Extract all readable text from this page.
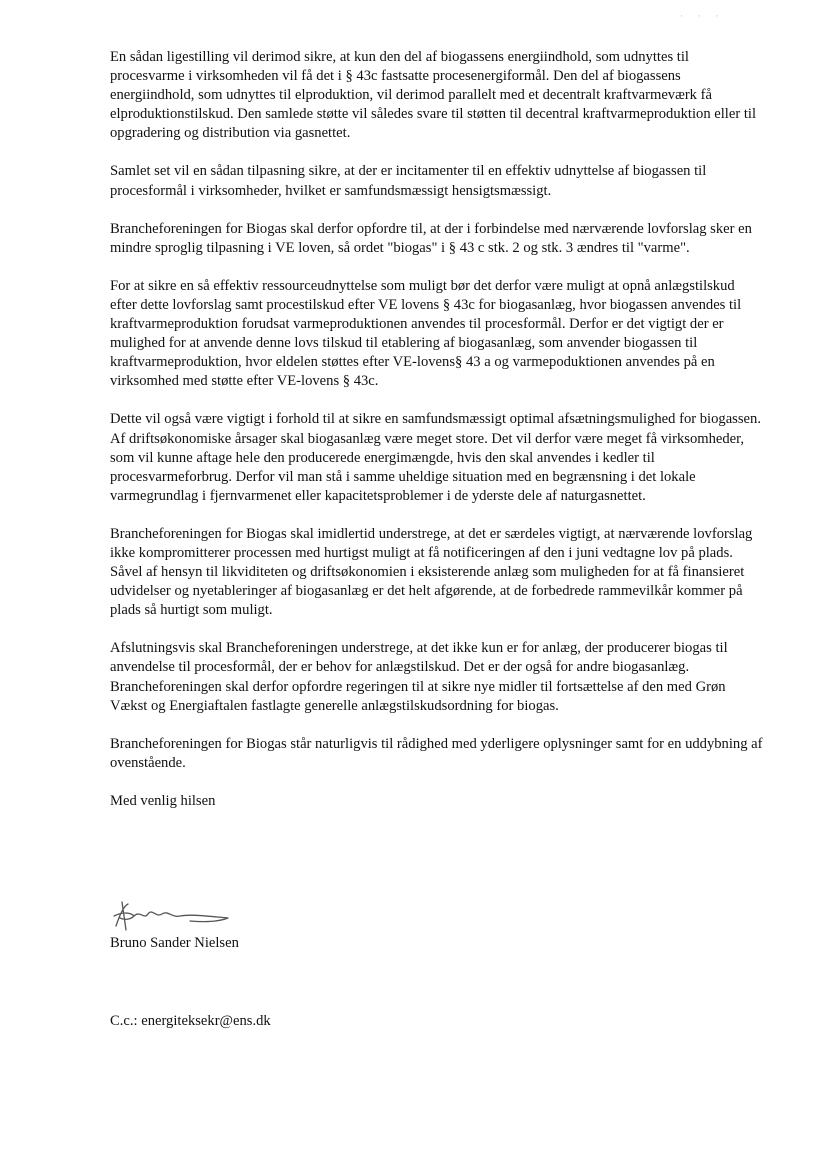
· · ·

En sådan ligestilling vil derimod sikre, at kun den del af biogassens energiindhold, som udnyttes til procesvarme i virksomheden vil få det i § 43c fastsatte procesenergiformål. Den del af biogassens energiindhold, som udnyttes til elproduktion, vil derimod parallelt med et decentralt kraftvarmeværk få elproduktionstilskud. Den samlede støtte vil således svare til støtten til decentral kraftvarmeproduktion eller til opgradering og distribution via gasnettet.

Samlet set vil en sådan tilpasning sikre, at der er incitamenter til en effektiv udnyttelse af biogassen til procesformål i virksomheder, hvilket er samfundsmæssigt hensigtsmæssigt.

Brancheforeningen for Biogas skal derfor opfordre til, at der i forbindelse med nærværende lovforslag sker en mindre sproglig tilpasning i VE loven, så ordet "biogas" i § 43 c stk. 2 og stk. 3 ændres til "varme".

For at sikre en så effektiv ressourceudnyttelse som muligt bør det derfor være muligt at opnå anlægstilskud efter dette lovforslag samt procestilskud efter VE lovens § 43c for biogasanlæg, hvor biogassen anvendes til kraftvarmeproduktion forudsat varmeproduktionen anvendes til procesformål. Derfor er det vigtigt der er mulighed for at anvende denne lovs tilskud til etablering af biogasanlæg, som anvender biogassen til kraftvarmeproduktion, hvor eldelen støttes efter VE-lovens§ 43 a og varmepoduktionen anvendes på en virksomhed med støtte efter VE-lovens § 43c.

Dette vil også være vigtigt i forhold til at sikre en samfundsmæssigt optimal afsætningsmulighed for biogassen. Af driftsøkonomiske årsager skal biogasanlæg være meget store. Det vil derfor være meget få virksomheder, som vil kunne aftage hele den producerede energimængde, hvis den skal anvendes i kedler til procesvarmeforbrug. Derfor vil man stå i samme uheldige situation med en begrænsning i det lokale varmegrundlag i fjernvarmenet eller kapacitetsproblemer i de yderste dele af naturgasnettet.

Brancheforeningen for Biogas skal imidlertid understrege, at det er særdeles vigtigt, at nærværende lovforslag ikke kompromitterer processen med hurtigst muligt at få notificeringen af den i juni vedtagne lov på plads. Såvel af hensyn til likviditeten og driftsøkonomien i eksisterende anlæg som muligheden for at få finansieret udvidelser og nyetableringer af biogasanlæg er det helt afgørende, at de forbedrede rammevilkår kommer på plads så hurtigt som muligt.

Afslutningsvis skal Brancheforeningen understrege, at det ikke kun er for anlæg, der producerer biogas til anvendelse til procesformål, der er behov for anlægstilskud. Det er der også for andre biogasanlæg. Brancheforeningen skal derfor opfordre regeringen til at sikre nye midler til fortsættelse af den med Grøn Vækst og Energiaftalen fastlagte generelle anlægstilskudsordning for biogas.

Brancheforeningen for Biogas står naturligvis til rådighed med yderligere oplysninger samt for en uddybning af ovenstående.

Med venlig hilsen

Bruno Sander Nielsen
C.c.: energiteksekr@ens.dk
